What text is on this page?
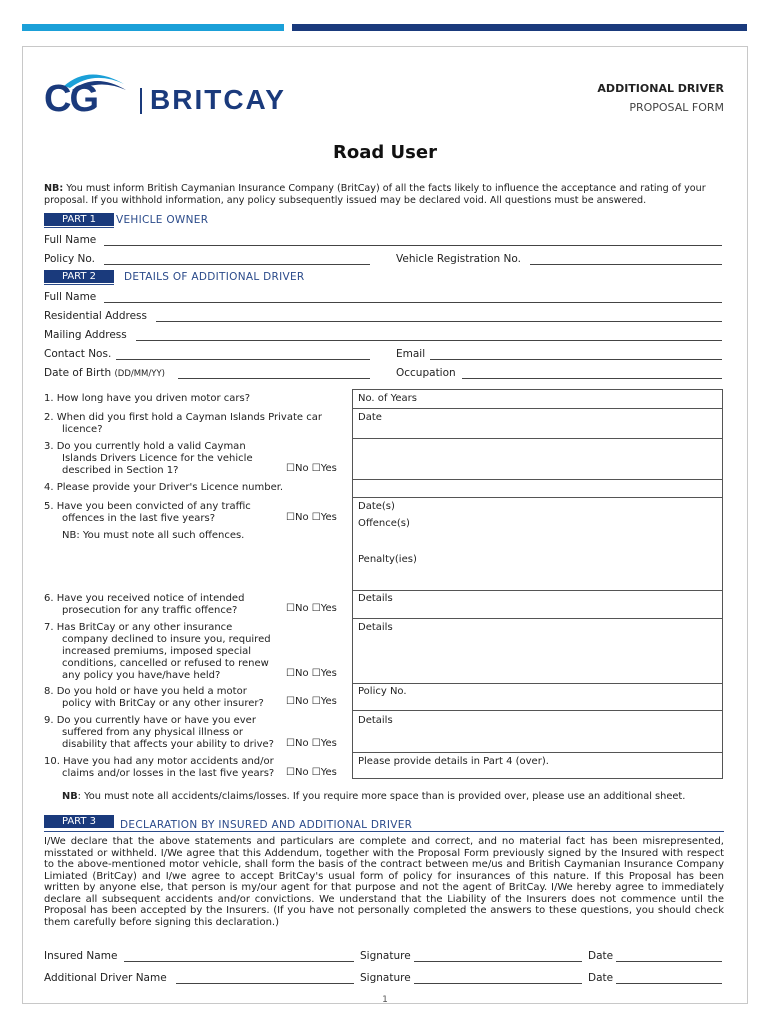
CG BRITCAY	ADDITIONAL DRIVER
PROPOSAL FORM
Road User
NB: You must inform British Caymanian Insurance Company (BritCay) of all the facts likely to influence the acceptance and rating of your proposal. If you withhold information, any policy subsequently issued may be declared void. All questions must be answered.
PART 1	VEHICLE OWNER
Full Name
Policy No.	Vehicle Registration No.
PART 2	DETAILS OF ADDITIONAL DRIVER
Full Name
Residential Address
Mailing Address
Contact Nos.	Email
Date of Birth (DD/MM/YY)	Occupation
1. How long have you driven motor cars?	No. of Years
2. When did you first hold a Cayman Islands Private car
licence?
Date
3. Do you currently hold a valid Cayman
Islands Drivers Licence for the vehicle
described in Section 1?	☐No ☐Yes
4. Please provide your Driver's Licence number.
5. Have you been convicted of any traffic
offences in the last five years?	☐No ☐Yes
NB: You must note all such offences.
Date(s)
Offence(s)
Penalty(ies)
6. Have you received notice of intended
prosecution for any traffic offence?	☐No ☐Yes
Details
7. Has BritCay or any other insurance
company declined to insure you, required
increased premiums, imposed special
conditions, cancelled or refused to renew
any policy you have/have held?	☐No ☐Yes
Details
8. Do you hold or have you held a motor
policy with BritCay or any other insurer? ☐No ☐Yes
Policy No.
9. Do you currently have or have you ever
suffered from any physical illness or
disability that affects your ability to drive? ☐No ☐Yes
Details
10. Have you had any motor accidents and/or
claims and/or losses in the last five years? ☐No ☐Yes
Please provide details in Part 4 (over).
NB: You must note all accidents/claims/losses. If you require more space than is provided over, please use an additional sheet.
PART 3	DECLARATION BY INSURED AND ADDITIONAL DRIVER
I/We declare that the above statements and particulars are complete and correct, and no material fact has been misrepresented, misstated or withheld. I/We agree that this Addendum, together with the Proposal Form previously signed by the Insured with respect to the above-mentioned motor vehicle, shall form the basis of the contract between me/us and British Caymanian Insurance Company Limiated (BritCay) and I/we agree to accept BritCay's usual form of policy for insurances of this nature. If this Proposal has been written by anyone else, that person is my/our agent for that purpose and not the agent of BritCay. I/We hereby agree to immediately declare all subsequent accidents and/or convictions. We understand that the Liability of the Insurers does not commence until the Proposal has been accepted by the Insurers. (If you have not personally completed the answers to these questions, you should check them carefully before signing this declaration.)
Insured Name	Signature	Date
Additional Driver Name	Signature	Date
1
